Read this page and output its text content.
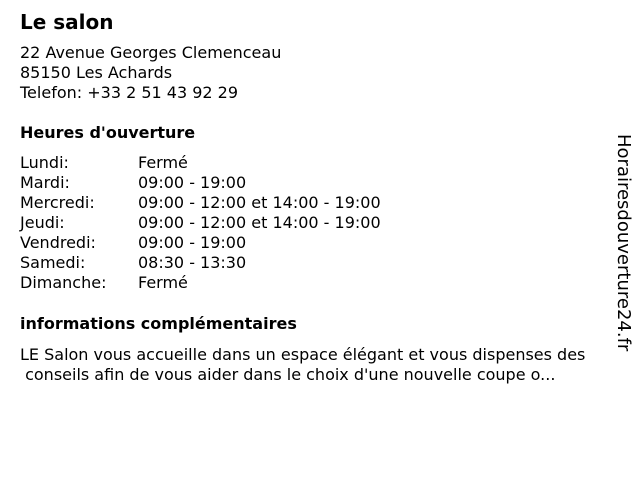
Le salon
22 Avenue Georges Clemenceau
85150 Les Achards
Telefon: +33 2 51 43 92 29
Heures d'ouverture
Lundi:	Fermé
Mardi:	09:00 - 19:00
Mercredi:	09:00 - 12:00 et 14:00 - 19:00
Jeudi:	09:00 - 12:00 et 14:00 - 19:00
Vendredi:	09:00 - 19:00
Samedi:	08:30 - 13:30
Dimanche:	Fermé
informations complémentaires
LE Salon vous accueille dans un espace élégant et vous dispenses des
conseils afin de vous aider dans le choix d'une nouvelle coupe o...
Horairesdouverture24.fr
